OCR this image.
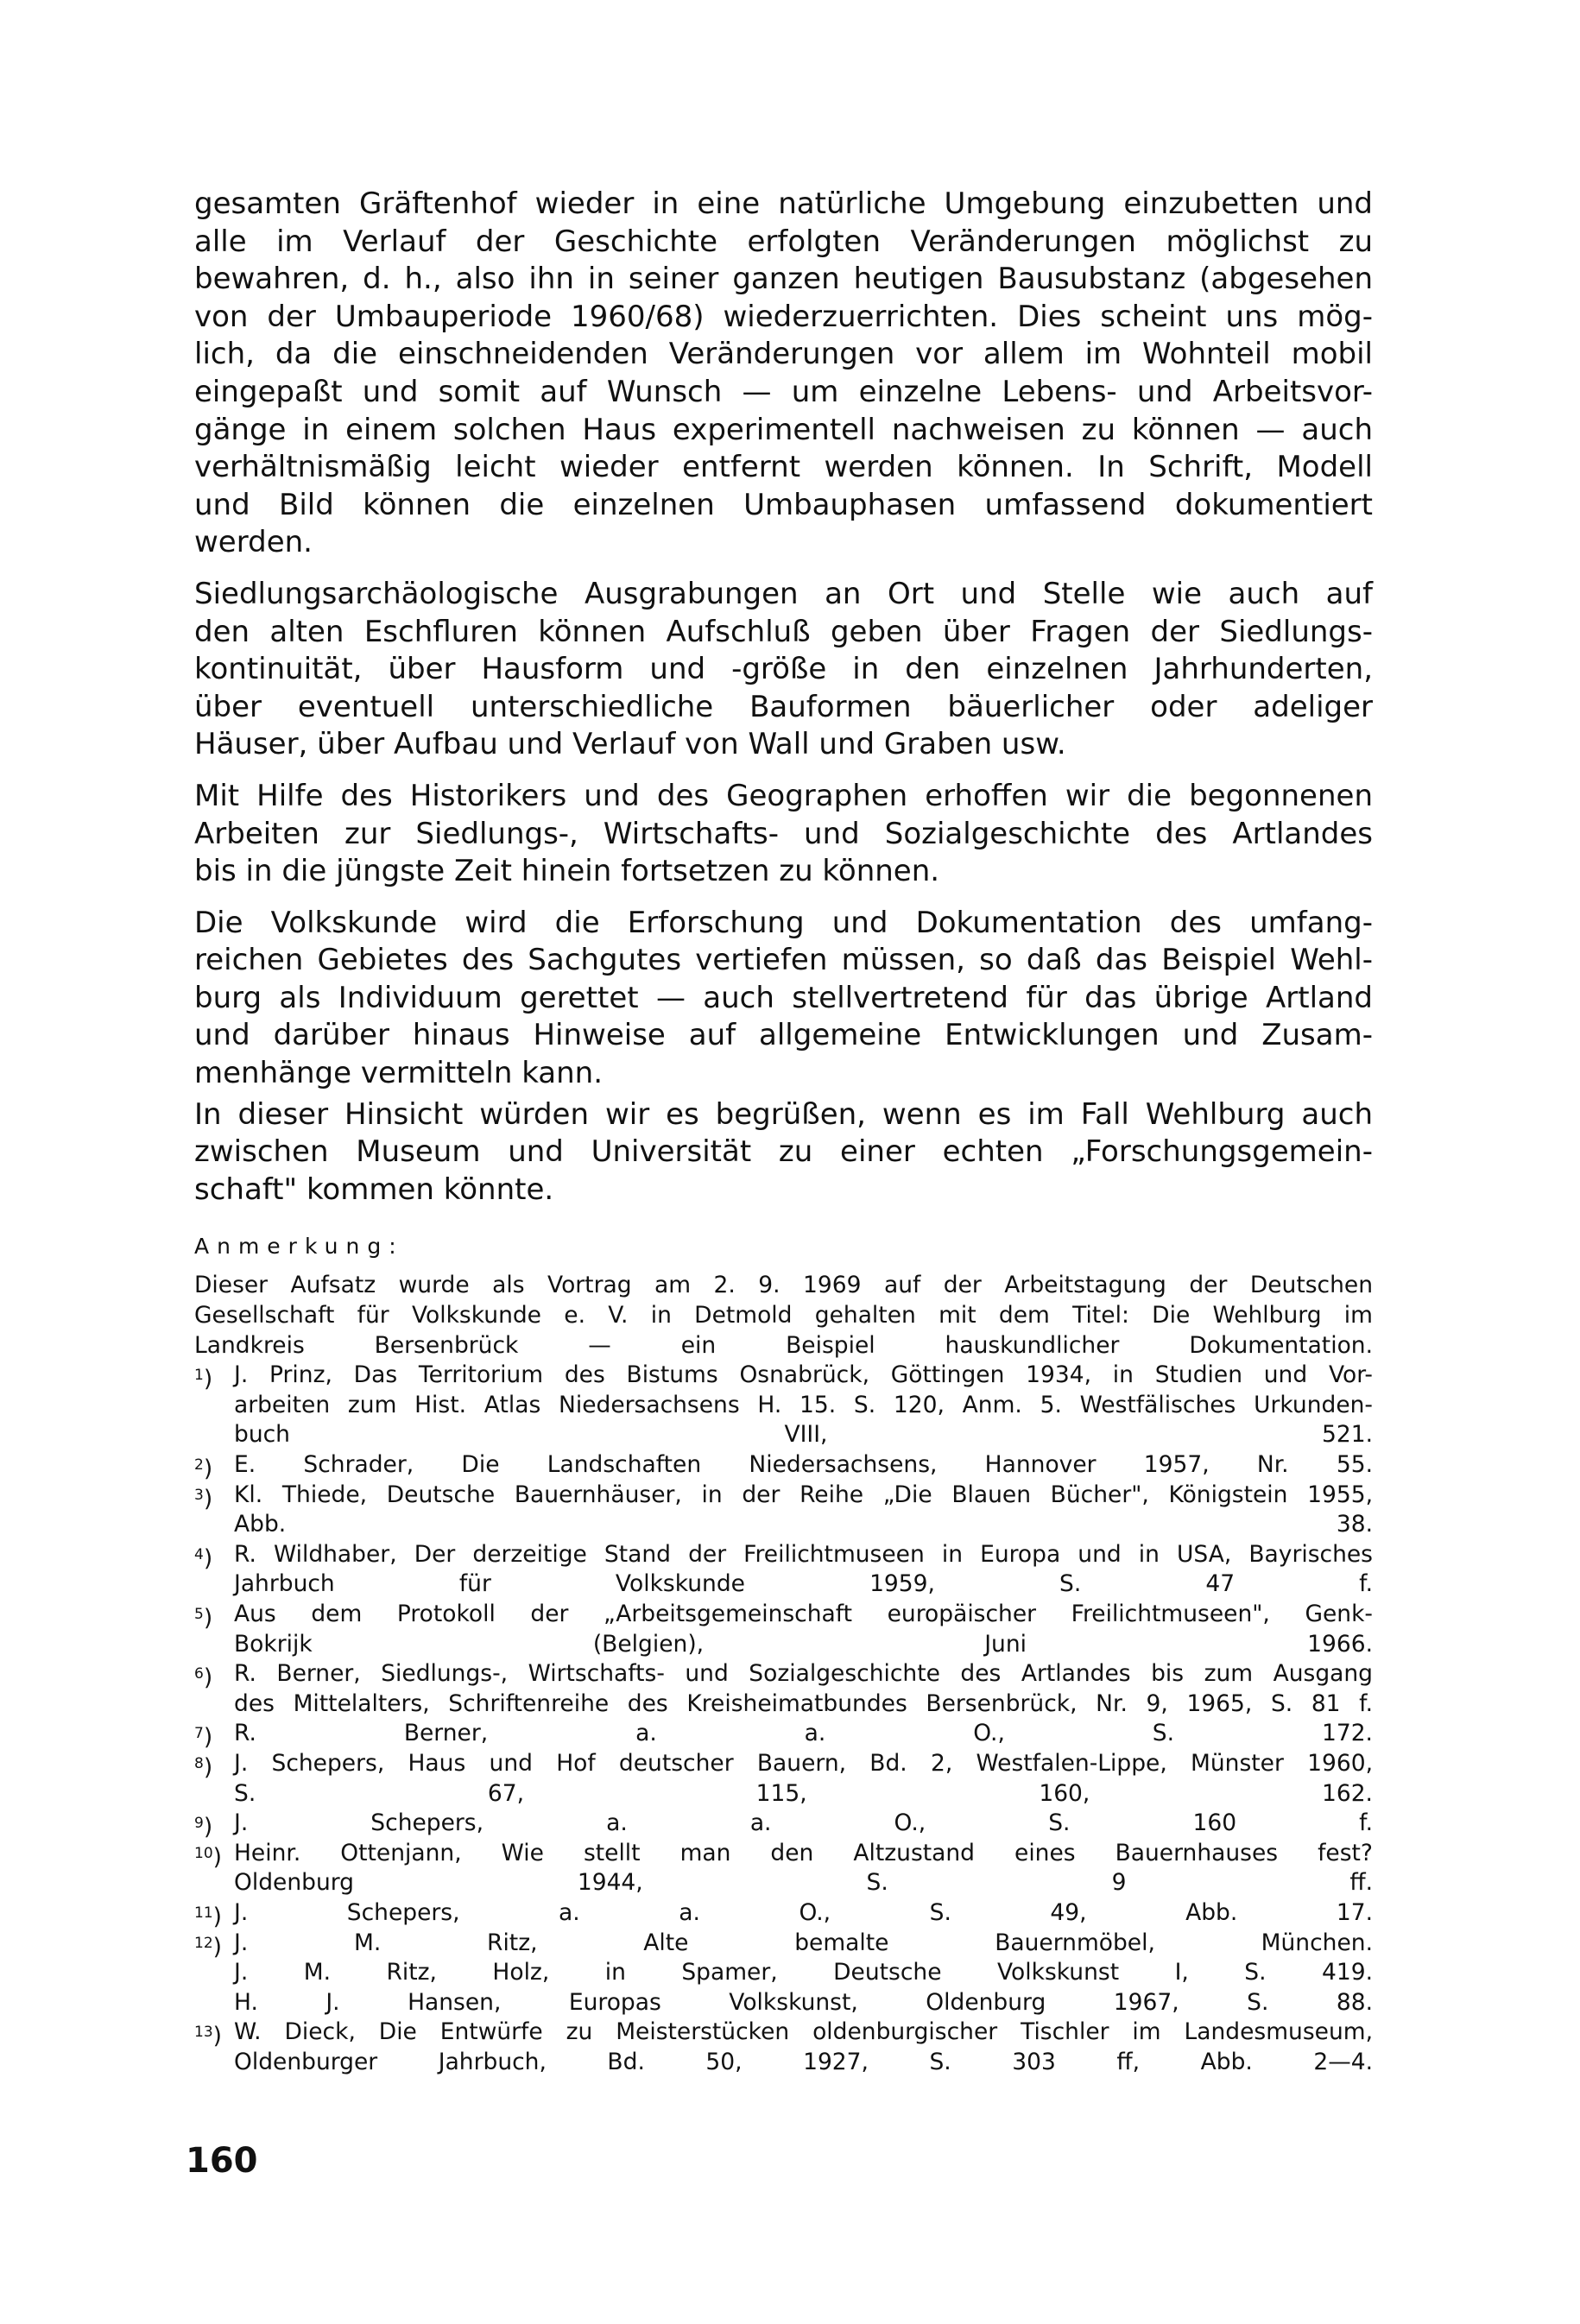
gesamten Gräftenhof wieder in eine natürliche Umgebung einzubetten und
alle im Verlauf der Geschichte erfolgten Veränderungen möglichst zu
bewahren, d. h., also ihn in seiner ganzen heutigen Bausubstanz (abgesehen
von der Umbauperiode 1960/68) wiederzuerrichten. Dies scheint uns mög-
lich, da die einschneidenden Veränderungen vor allem im Wohnteil mobil
eingepaßt und somit auf Wunsch — um einzelne Lebens- und Arbeitsvor-
gänge in einem solchen Haus experimentell nachweisen zu können — auch
verhältnismäßig leicht wieder entfernt werden können. In Schrift, Modell
und Bild können die einzelnen Umbauphasen umfassend dokumentiert
werden.
Siedlungsarchäologische Ausgrabungen an Ort und Stelle wie auch auf
den alten Eschfluren können Aufschluß geben über Fragen der Siedlungs-
kontinuität, über Hausform und -größe in den einzelnen Jahrhunderten,
über eventuell unterschiedliche Bauformen bäuerlicher oder adeliger
Häuser, über Aufbau und Verlauf von Wall und Graben usw.
Mit Hilfe des Historikers und des Geographen erhoffen wir die begonnenen
Arbeiten zur Siedlungs-, Wirtschafts- und Sozialgeschichte des Artlandes
bis in die jüngste Zeit hinein fortsetzen zu können.
Die Volkskunde wird die Erforschung und Dokumentation des umfang-
reichen Gebietes des Sachgutes vertiefen müssen, so daß das Beispiel Wehl-
burg als Individuum gerettet — auch stellvertretend für das übrige Artland
und darüber hinaus Hinweise auf allgemeine Entwicklungen und Zusam-
menhänge vermitteln kann.
In dieser Hinsicht würden wir es begrüßen, wenn es im Fall Wehlburg auch
zwischen Museum und Universität zu einer echten „Forschungsgemein-
schaft" kommen könnte.
Anmerkung:
Dieser Aufsatz wurde als Vortrag am 2. 9. 1969 auf der Arbeitstagung der Deutschen
Gesellschaft für Volkskunde e. V. in Detmold gehalten mit dem Titel: Die Wehlburg im
Landkreis Bersenbrück — ein Beispiel hauskundlicher Dokumentation.
$^1$) J. Prinz, Das Territorium des Bistums Osnabrück, Göttingen 1934, in Studien und Vor-
arbeiten zum Hist. Atlas Niedersachsens H. 15. S. 120, Anm. 5. Westfälisches Urkunden-
buch VIII, 521.
$^2$) E. Schrader, Die Landschaften Niedersachsens, Hannover 1957, Nr. 55.
$^3$) Kl. Thiede, Deutsche Bauernhäuser, in der Reihe „Die Blauen Bücher", Königstein 1955,
Abb. 38.
$^4$) R. Wildhaber, Der derzeitige Stand der Freilichtmuseen in Europa und in USA, Bayrisches
Jahrbuch für Volkskunde 1959, S. 47 f.
$^5$) Aus dem Protokoll der „Arbeitsgemeinschaft europäischer Freilichtmuseen", Genk-
Bokrijk (Belgien), Juni 1966.
$^6$) R. Berner, Siedlungs-, Wirtschafts- und Sozialgeschichte des Artlandes bis zum Ausgang
des Mittelalters, Schriftenreihe des Kreisheimatbundes Bersenbrück, Nr. 9, 1965, S. 81 f.
$^7$) R. Berner, a. a. O., S. 172.
$^8$) J. Schepers, Haus und Hof deutscher Bauern, Bd. 2, Westfalen-Lippe, Münster 1960,
S. 67, 115, 160, 162.
$^9$) J. Schepers, a. a. O., S. 160 f.
$^{10}$) Heinr. Ottenjann, Wie stellt man den Altzustand eines Bauernhauses fest?
Oldenburg 1944, S. 9 ff.
$^{11}$) J. Schepers, a. a. O., S. 49, Abb. 17.
$^{12}$) J. M. Ritz, Alte bemalte Bauernmöbel, München.
J. M. Ritz, Holz, in Spamer, Deutsche Volkskunst I, S. 419.
H. J. Hansen, Europas Volkskunst, Oldenburg 1967, S. 88.
$^{13}$) W. Dieck, Die Entwürfe zu Meisterstücken oldenburgischer Tischler im Landesmuseum,
Oldenburger Jahrbuch, Bd. 50, 1927, S. 303 ff, Abb. 2—4.
160
